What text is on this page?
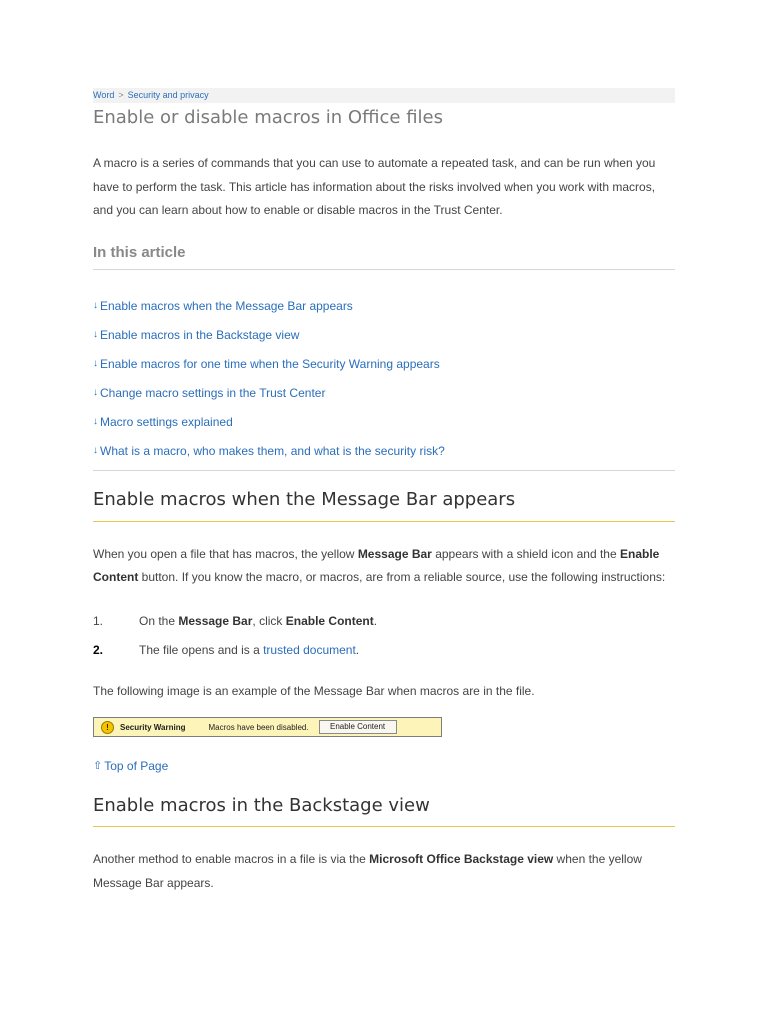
Word > Security and privacy
Enable or disable macros in Office files

A macro is a series of commands that you can use to automate a repeated task, and can be run when you have to perform the task. This article has information about the risks involved when you work with macros, and you can learn about how to enable or disable macros in the Trust Center.

In this article
↓ Enable macros when the Message Bar appears
↓ Enable macros in the Backstage view
↓ Enable macros for one time when the Security Warning appears
↓ Change macro settings in the Trust Center
↓ Macro settings explained
↓ What is a macro, who makes them, and what is the security risk?
Enable macros when the Message Bar appears

When you open a file that has macros, the yellow Message Bar appears with a shield icon and the Enable Content button. If you know the macro, or macros, are from a reliable source, use the following instructions:

1.	On the Message Bar, click Enable Content.
2.	The file opens and is a trusted document.

The following image is an example of the Message Bar when macros are in the file.

!	Security Warning	Macros have been disabled.	Enable Content
⇧ Top of Page
Enable macros in the Backstage view

Another method to enable macros in a file is via the Microsoft Office Backstage view when the yellow Message Bar appears.
